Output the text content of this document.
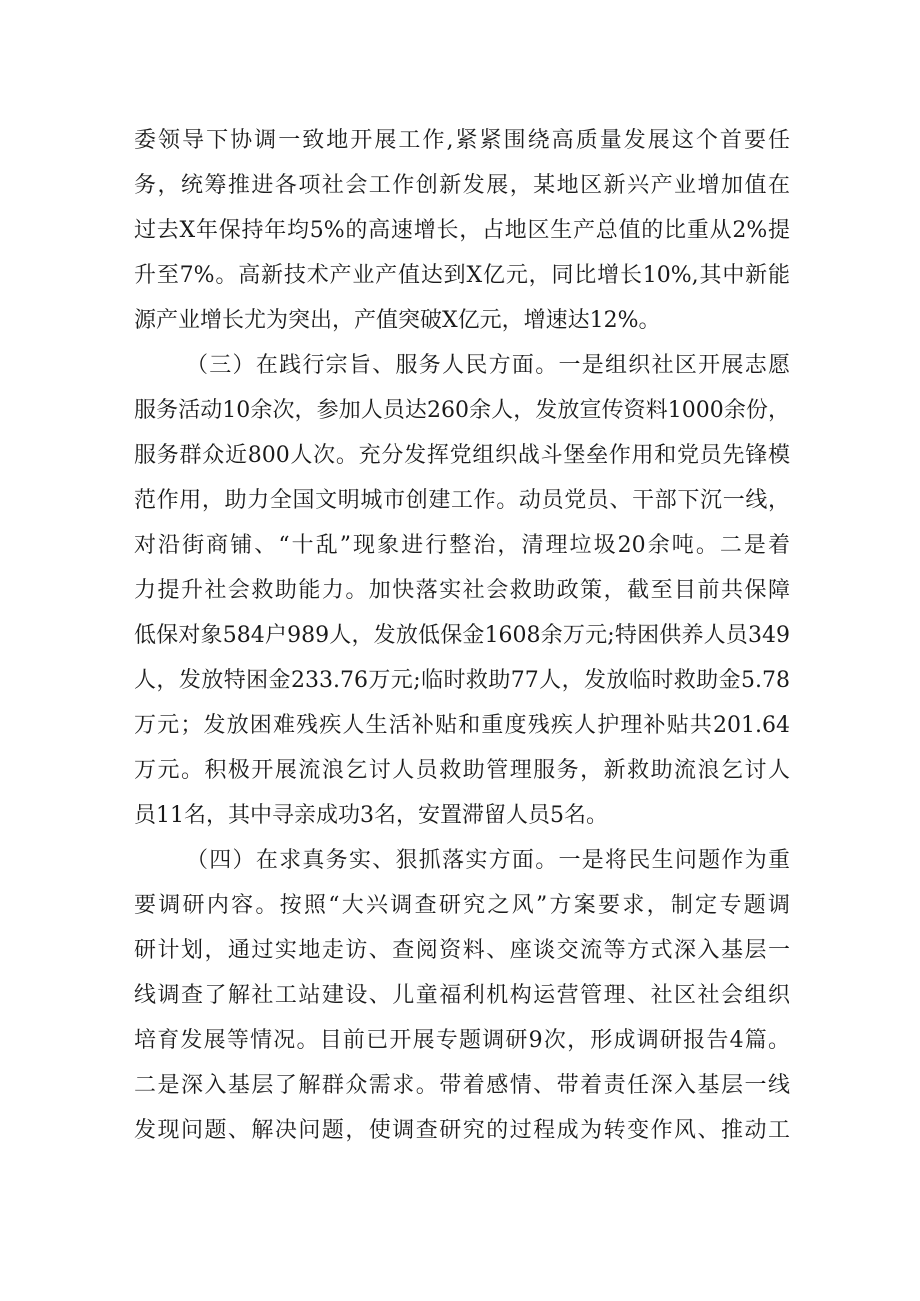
委领导下协调一致地开展工作,紧紧围绕高质量发展这个首要任
务，统筹推进各项社会工作创新发展，某地区新兴产业增加值在
过去X年保持年均5%的高速增长，占地区生产总值的比重从2%提
升至7%。高新技术产业产值达到X亿元，同比增长10%,其中新能
源产业增长尤为突出，产值突破X亿元，增速达12%。
（三）在践行宗旨、服务人民方面。一是组织社区开展志愿
服务活动10余次，参加人员达260余人，发放宣传资料1000余份，
服务群众近800人次。充分发挥党组织战斗堡垒作用和党员先锋模
范作用，助力全国文明城市创建工作。动员党员、干部下沉一线，
对沿街商铺、“十乱”现象进行整治，清理垃圾20余吨。二是着
力提升社会救助能力。加快落实社会救助政策，截至目前共保障
低保对象584户989人，发放低保金1608余万元;特困供养人员349
人，发放特困金233.76万元;临时救助77人，发放临时救助金5.78
万元；发放困难残疾人生活补贴和重度残疾人护理补贴共201.64
万元。积极开展流浪乞讨人员救助管理服务，新救助流浪乞讨人
员11名，其中寻亲成功3名，安置滞留人员5名。
（四）在求真务实、狠抓落实方面。一是将民生问题作为重
要调研内容。按照“大兴调查研究之风”方案要求，制定专题调
研计划，通过实地走访、查阅资料、座谈交流等方式深入基层一
线调查了解社工站建设、儿童福利机构运营管理、社区社会组织
培育发展等情况。目前已开展专题调研9次，形成调研报告4篇。
二是深入基层了解群众需求。带着感情、带着责任深入基层一线
发现问题、解决问题，使调查研究的过程成为转变作风、推动工
